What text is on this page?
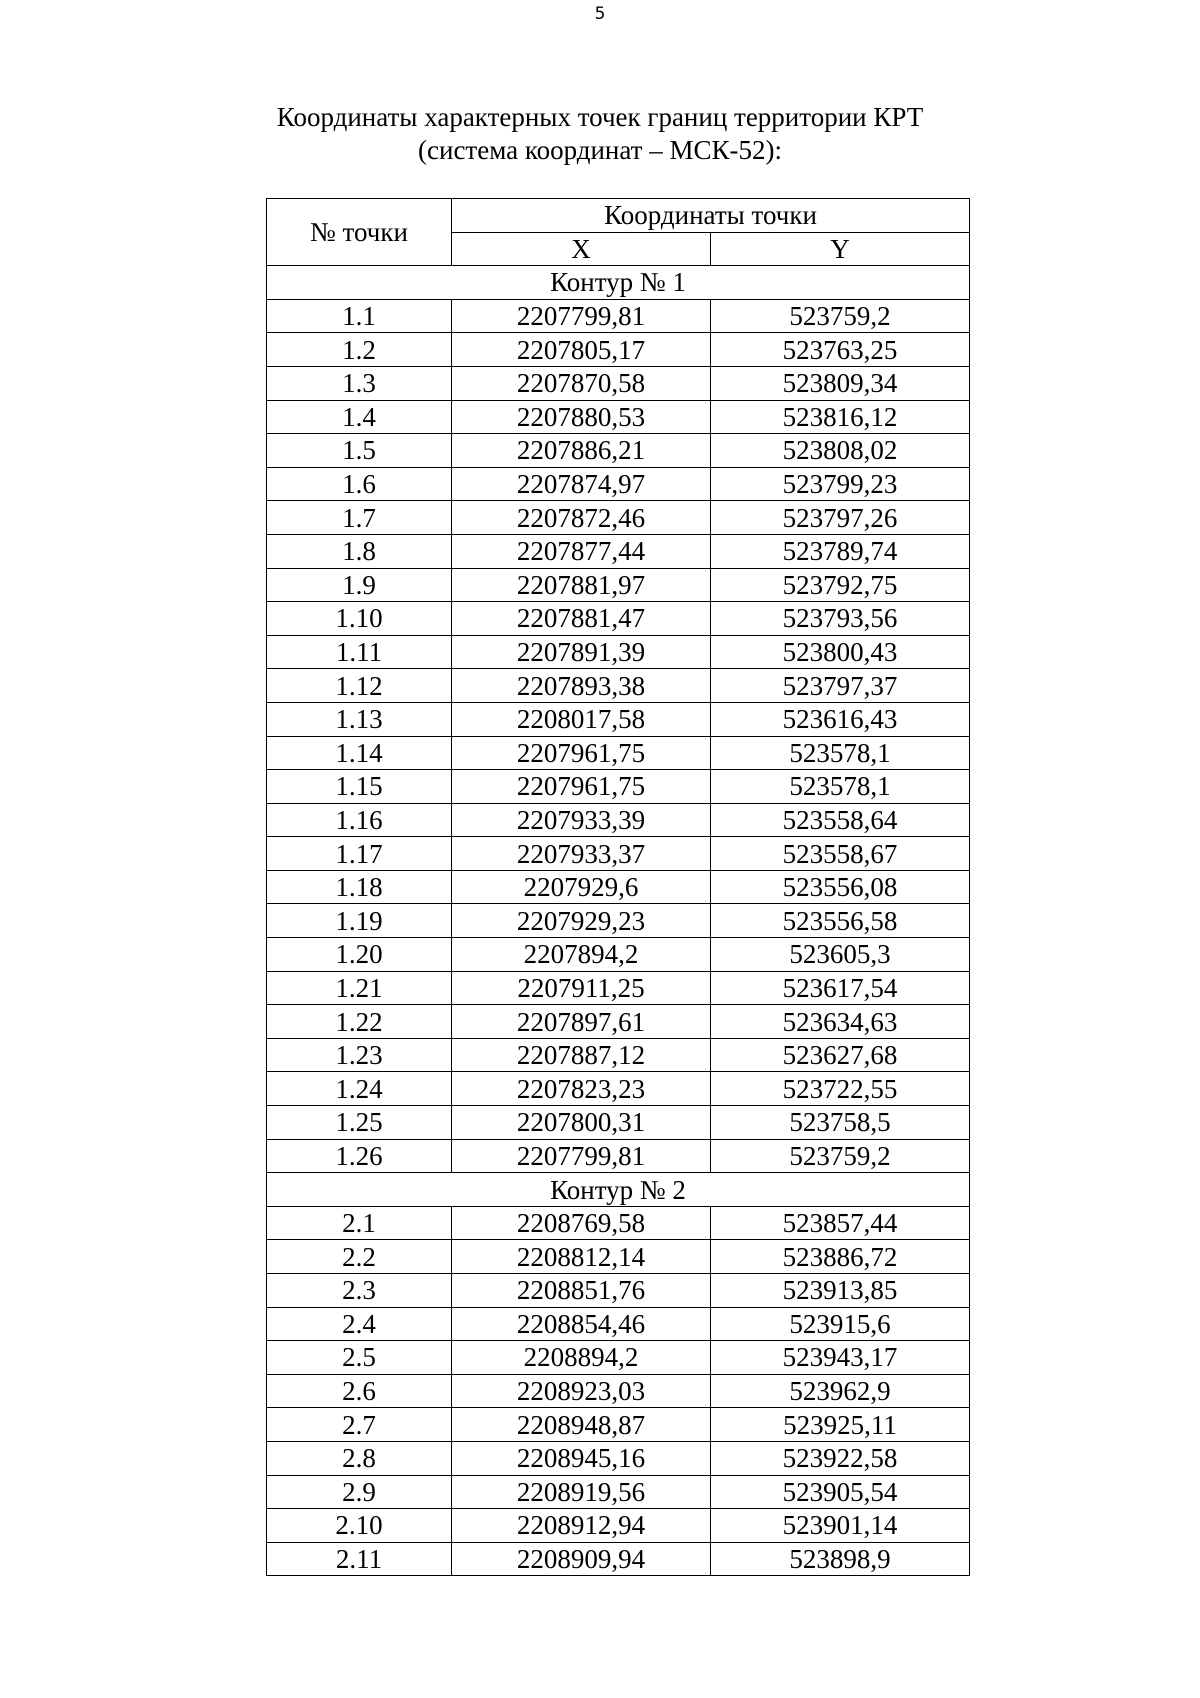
5
Координаты характерных точек границ территории КРТ
(система координат – МСК-52):
№ точки	Координаты точки	
	X	Y
Контур № 1		
1.1	2207799,81	523759,2
1.2	2207805,17	523763,25
1.3	2207870,58	523809,34
1.4	2207880,53	523816,12
1.5	2207886,21	523808,02
1.6	2207874,97	523799,23
1.7	2207872,46	523797,26
1.8	2207877,44	523789,74
1.9	2207881,97	523792,75
1.10	2207881,47	523793,56
1.11	2207891,39	523800,43
1.12	2207893,38	523797,37
1.13	2208017,58	523616,43
1.14	2207961,75	523578,1
1.15	2207961,75	523578,1
1.16	2207933,39	523558,64
1.17	2207933,37	523558,67
1.18	2207929,6	523556,08
1.19	2207929,23	523556,58
1.20	2207894,2	523605,3
1.21	2207911,25	523617,54
1.22	2207897,61	523634,63
1.23	2207887,12	523627,68
1.24	2207823,23	523722,55
1.25	2207800,31	523758,5
1.26	2207799,81	523759,2
Контур № 2		
2.1	2208769,58	523857,44
2.2	2208812,14	523886,72
2.3	2208851,76	523913,85
2.4	2208854,46	523915,6
2.5	2208894,2	523943,17
2.6	2208923,03	523962,9
2.7	2208948,87	523925,11
2.8	2208945,16	523922,58
2.9	2208919,56	523905,54
2.10	2208912,94	523901,14
2.11	2208909,94	523898,9
